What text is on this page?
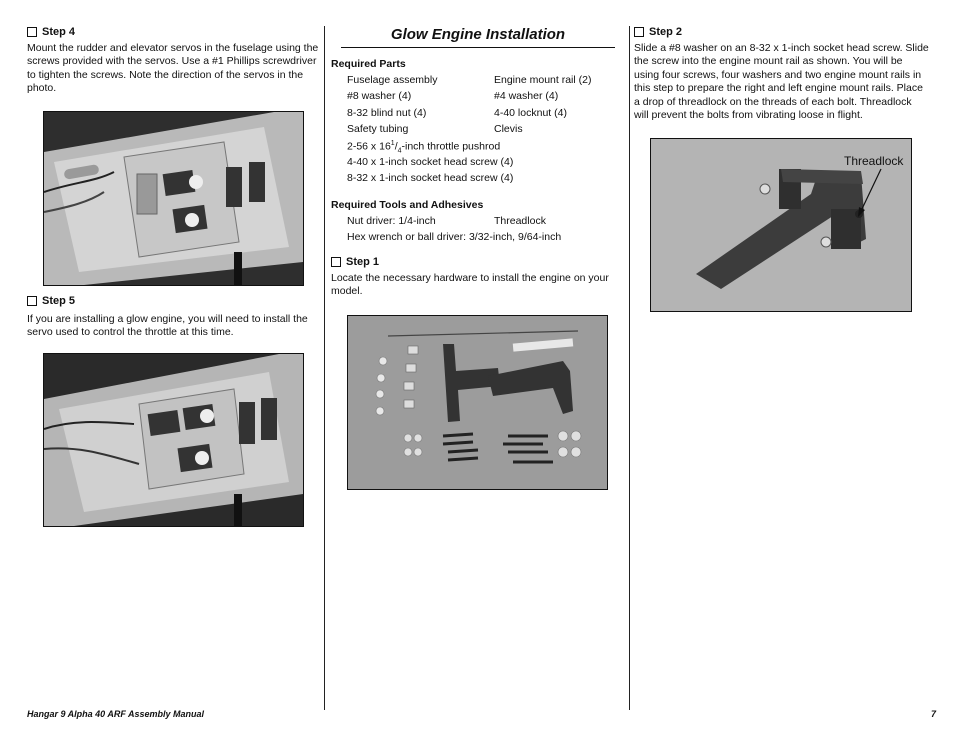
Step 4

Mount the rudder and elevator servos in the fuselage using the screws provided with the servos. Use a #1 Phillips screwdriver to tighten the screws. Note the direction of the servos in the photo.

Step 5

If you are installing a glow engine, you will need to install the servo used to control the throttle at this time.

Glow Engine Installation
Required Parts
Fuselage assembly	Engine mount rail (2)
#8 washer (4)	#4 washer (4)
8-32 blind nut (4)	4-40 locknut (4)
Safety tubing	Clevis
2-56 x $16^1/_4$-inch throttle pushrod
4-40 x 1-inch socket head screw (4)
8-32 x 1-inch socket head screw (4)
Required Tools and Adhesives
Nut driver: 1/4-inch	Threadlock
Hex wrench or ball driver: 3/32-inch, 9/64-inch
Step 1

Locate the necessary hardware to install the engine on your model.

Step 2

Slide a #8 washer on an 8-32 x 1-inch socket head screw. Slide the screw into the engine mount rail as shown. You will be using four screws, four washers and two engine mount rails in this step to prepare the right and left engine mount rails. Place a drop of threadlock on the threads of each bolt. Threadlock will prevent the bolts from vibrating loose in flight.

Threadlock
Hangar 9 Alpha 40 ARF Assembly Manual	7
